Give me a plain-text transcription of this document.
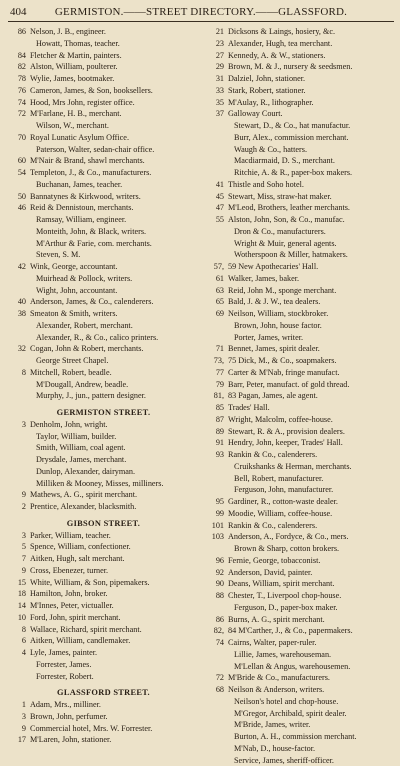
404	GERMISTON.——STREET DIRECTORY.——GLASSFORD.
86 Nelson, J. B., engineer.
Howatt, Thomas, teacher.
84 Fletcher & Martin, painters.
82 Alston, William, poulterer.
78 Wylie, James, bootmaker.
76 Cameron, James, & Son, booksellers.
74 Hood, Mrs John, register office.
72 M'Farlane, H. B., merchant.
Wilson, W., merchant.
70 Royal Lunatic Asylum Office.
Paterson, Walter, sedan-chair office.
60 M'Nair & Brand, shawl merchants.
54 Templeton, J., & Co., manufacturers.
Buchanan, James, teacher.
50 Bannatynes & Kirkwood, writers.
46 Reid & Dennistoun, merchants.
Ramsay, William, engineer.
Monteith, John, & Black, writers.
M'Arthur & Farie, com. merchants.
Steven, S. M.
42 Wink, George, accountant.
Muirhead & Pollock, writers.
Wight, John, accountant.
40 Anderson, James, & Co., calenderers.
38 Smeaton & Smith, writers.
Alexander, Robert, merchant.
Alexander, R., & Co., calico printers.
32 Cogan, John & Robert, merchants.
George Street Chapel.
8 Mitchell, Robert, beadle.
M'Dougall, Andrew, beadle.
Murphy, J., jun., pattern designer.
GERMISTON STREET.
3 Denholm, John, wright.
Taylor, William, builder.
Smith, William, coal agent.
Drysdale, James, merchant.
Dunlop, Alexander, dairyman.
Milliken & Mooney, Misses, milliners.
9 Mathews, A. G., spirit merchant.
2 Prentice, Alexander, blacksmith.
GIBSON STREET.
3 Parker, William, teacher.
5 Spence, William, confectioner.
7 Aitken, Hugh, salt merchant.
9 Cross, Ebenezer, turner.
15 White, William, & Son, pipemakers.
18 Hamilton, John, broker.
14 M'Innes, Peter, victualler.
10 Ford, John, spirit merchant.
8 Wallace, Richard, spirit merchant.
6 Aitken, William, candlemaker.
4 Lyle, James, painter.
Forrester, James.
Forrester, Robert.
GLASSFORD STREET.
1 Adam, Mrs., milliner.
3 Brown, John, perfumer.
9 Commercial hotel, Mrs. W. Forrester.
17 M'Laren, John, stationer.
21 Dicksons & Laings, hosiery, &c.
23 Alexander, Hugh, tea merchant.
27 Kennedy, A. & W., stationers.
29 Brown, M. & J., nursery & seedsmen.
31 Dalziel, John, stationer.
33 Stark, Robert, stationer.
35 M'Aulay, R., lithographer.
37 Galloway Court.
Stewart, D., & Co., hat manufactur.
Burr, Alex., commission merchant.
Waugh & Co., hatters.
Macdiarmaid, D. S., merchant.
Ritchie, A. & R., paper-box makers.
41 Thistle and Soho hotel.
45 Stewart, Miss, straw-hat maker.
47 M'Leod, Brothers, leather merchants.
55 Alston, John, Son, & Co., manufac.
Dron & Co., manufacturers.
Wright & Muir, general agents.
Wotherspoon & Miller, hatmakers.
57, 59 New Apothecaries' Hall.
61 Walker, James, baker.
63 Reid, John M., sponge merchant.
65 Bald, J. & J. W., tea dealers.
69 Neilson, William, stockbroker.
Brown, John, house factor.
Porter, James, writer.
71 Bennet, James, spirit dealer.
73, 75 Dick, M., & Co., soapmakers.
77 Carter & M'Nab, fringe manufact.
79 Barr, Peter, manufact. of gold thread.
81, 83 Pagan, James, ale agent.
85 Trades' Hall.
87 Wright, Malcolm, coffee-house.
89 Stewart, R. & A., provision dealers.
91 Hendry, John, keeper, Trades' Hall.
93 Rankin & Co., calenderers.
Cruikshanks & Herman, merchants.
Bell, Robert, manufacturer.
Ferguson, John, manufacturer.
95 Gardiner, R., cotton-waste dealer.
99 Moodie, William, coffee-house.
101 Rankin & Co., calenderers.
103 Anderson, A., Fordyce, & Co., mers.
Brown & Sharp, cotton brokers.
96 Fernie, George, tobacconist.
92 Anderson, David, painter.
90 Deans, William, spirit merchant.
88 Chester, T., Liverpool chop-house.
Ferguson, D., paper-box maker.
86 Burns, A. G., spirit merchant.
82, 84 M'Carther, J., & Co., papermakers.
74 Cairns, Walter, paper-ruler.
Lillie, James, warehouseman.
M'Lellan & Angus, warehousemen.
72 M'Bride & Co., manufacturers.
68 Neilson & Anderson, writers.
Neilson's hotel and chop-house.
M'Gregor, Archibald, spirit dealer.
M'Bride, James, writer.
Burton, A. H., commission merchant.
M'Nab, D., house-factor.
Service, James, sheriff-officer.
